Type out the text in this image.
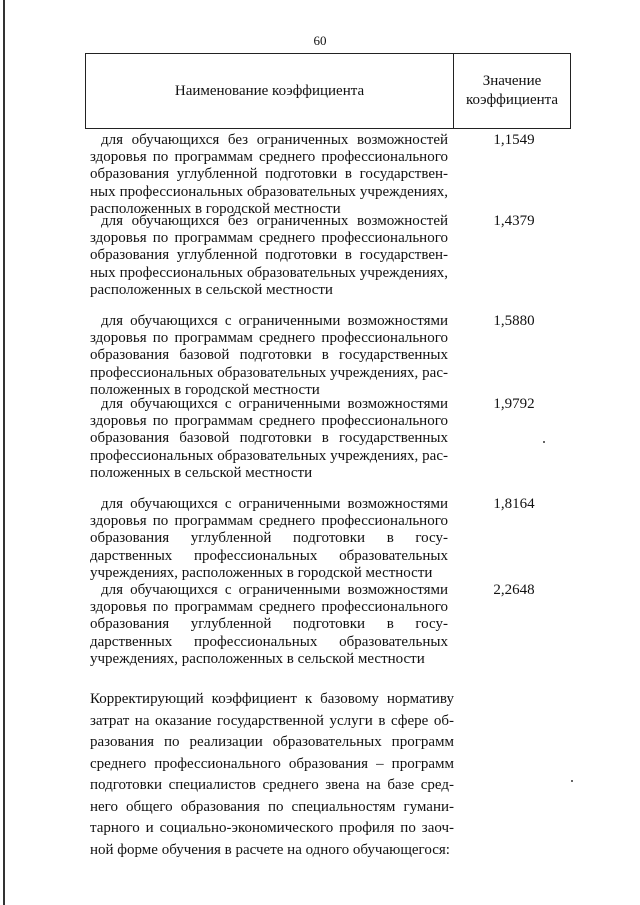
60
Наименование коэффициента
Значение
коэффициента

для обучающихся без ограниченных возможностей здоровья по программам среднего профессионального образования углубленной подготовки в государствен-ных профессиональных образовательных учреждениях, расположенных в городской местности

1,1549

для обучающихся без ограниченных возможностей здоровья по программам среднего профессионального образования углубленной подготовки в государствен-ных профессиональных образовательных учреждениях, расположенных в сельской местности

1,4379

для обучающихся с ограниченными возможностями здоровья по программам среднего профессионального образования базовой подготовки в государственных профессиональных образовательных учреждениях, рас-положенных в городской местности

1,5880

для обучающихся с ограниченными возможностями здоровья по программам среднего профессионального образования базовой подготовки в государственных профессиональных образовательных учреждениях, рас-положенных в сельской местности

1,9792

для обучающихся с ограниченными возможностями здоровья по программам среднего профессионального образования углубленной подготовки в госу-дарственных профессиональных образовательных учреждениях, расположенных в городской местности

1,8164

для обучающихся с ограниченными возможностями здоровья по программам среднего профессионального образования углубленной подготовки в госу-дарственных профессиональных образовательных учреждениях, расположенных в сельской местности

2,2648

Корректирующий коэффициент к базовому нормативу затрат на оказание государственной услуги в сфере об-разования по реализации образовательных программ среднего профессионального образования – программ подготовки специалистов среднего звена на базе сред-него общего образования по специальностям гумани-тарного и социально-экономического профиля по заоч-ной форме обучения в расчете на одного обучающегося:
